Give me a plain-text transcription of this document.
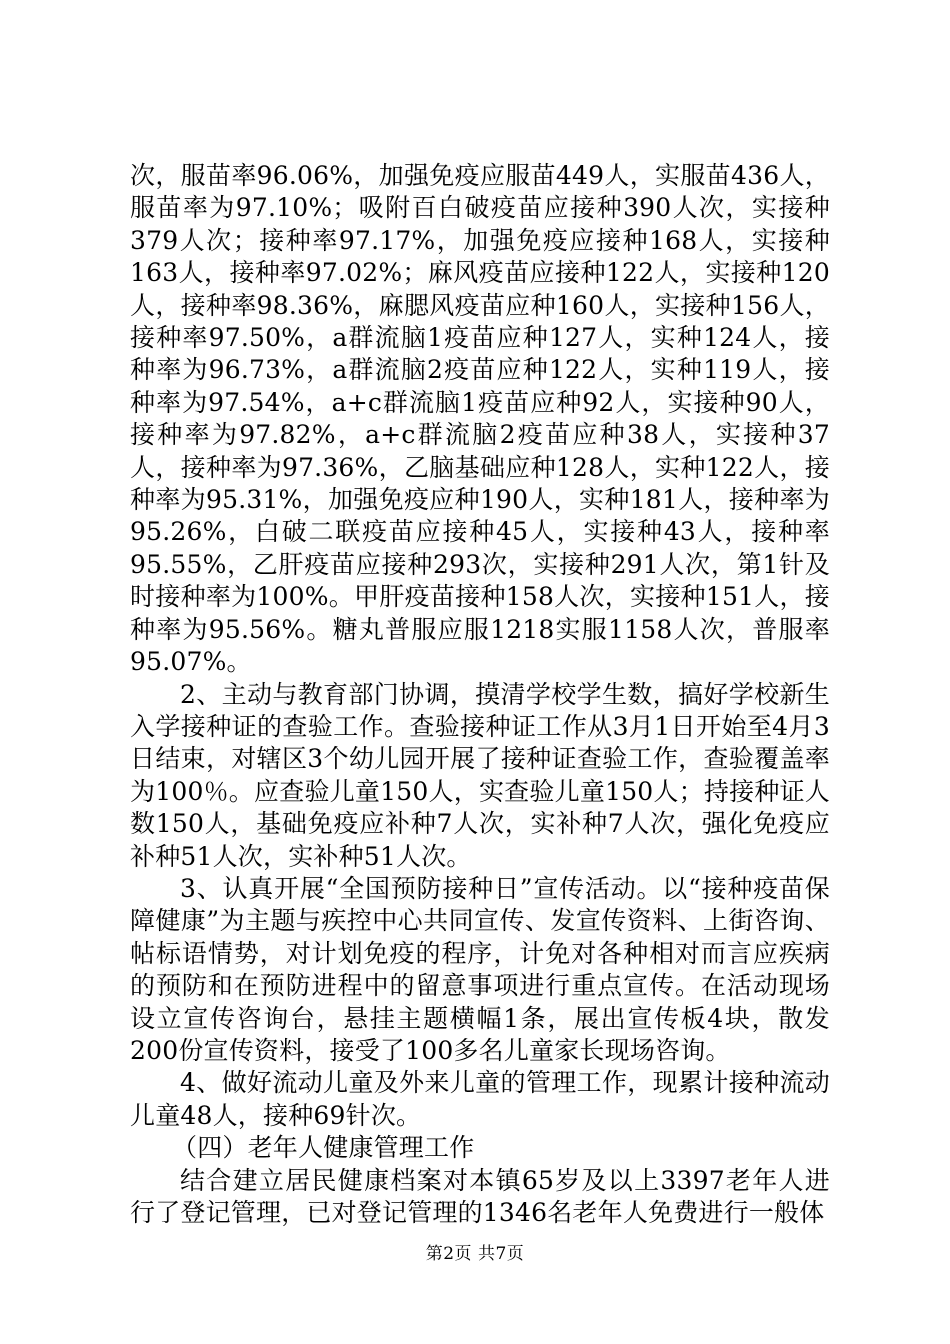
次，服苗率96.06%，加强免疫应服苗449人，实服苗436人，服苗率为97.10%；吸附百白破疫苗应接种390人次，实接种379人次；接种率97.17%，加强免疫应接种168人，实接种163人，接种率97.02%；麻风疫苗应接种122人，实接种120人，接种率98.36%，麻腮风疫苗应种160人，实接种156人，接种率97.50%，a群流脑1疫苗应种127人，实种124人，接种率为96.73%，a群流脑2疫苗应种122人，实种119人，接种率为97.54%，a+c群流脑1疫苗应种92人，实接种90人，接种率为97.82%，a+c群流脑2疫苗应种38人，实接种37人，接种率为97.36%，乙脑基础应种128人，实种122人，接种率为95.31%，加强免疫应种190人，实种181人，接种率为95.26%，白破二联疫苗应接种45人，实接种43人，接种率95.55%，乙肝疫苗应接种293次，实接种291人次，第1针及时接种率为100%。甲肝疫苗接种158人次，实接种151人，接种率为95.56%。糖丸普服应服1218实服1158人次，普服率95.07%。

2、主动与教育部门协调，摸清学校学生数，搞好学校新生入学接种证的查验工作。查验接种证工作从3月1日开始至4月3日结束，对辖区3个幼儿园开展了接种证查验工作，查验覆盖率为100％。应查验儿童150人，实查验儿童150人；持接种证人数150人，基础免疫应补种7人次，实补种7人次，强化免疫应补种51人次，实补种51人次。

3、认真开展“全国预防接种日”宣传活动。以“接种疫苗保障健康”为主题与疾控中心共同宣传、发宣传资料、上街咨询、帖标语情势，对计划免疫的程序，计免对各种相对而言应疾病的预防和在预防进程中的留意事项进行重点宣传。在活动现场设立宣传咨询台，悬挂主题横幅1条，展出宣传板4块，散发200份宣传资料，接受了100多名儿童家长现场咨询。

4、做好流动儿童及外来儿童的管理工作，现累计接种流动儿童48人，接种69针次。

（四）老年人健康管理工作

结合建立居民健康档案对本镇65岁及以上3397老年人进行了登记管理，已对登记管理的1346名老年人免费进行一般体

第2页 共7页
